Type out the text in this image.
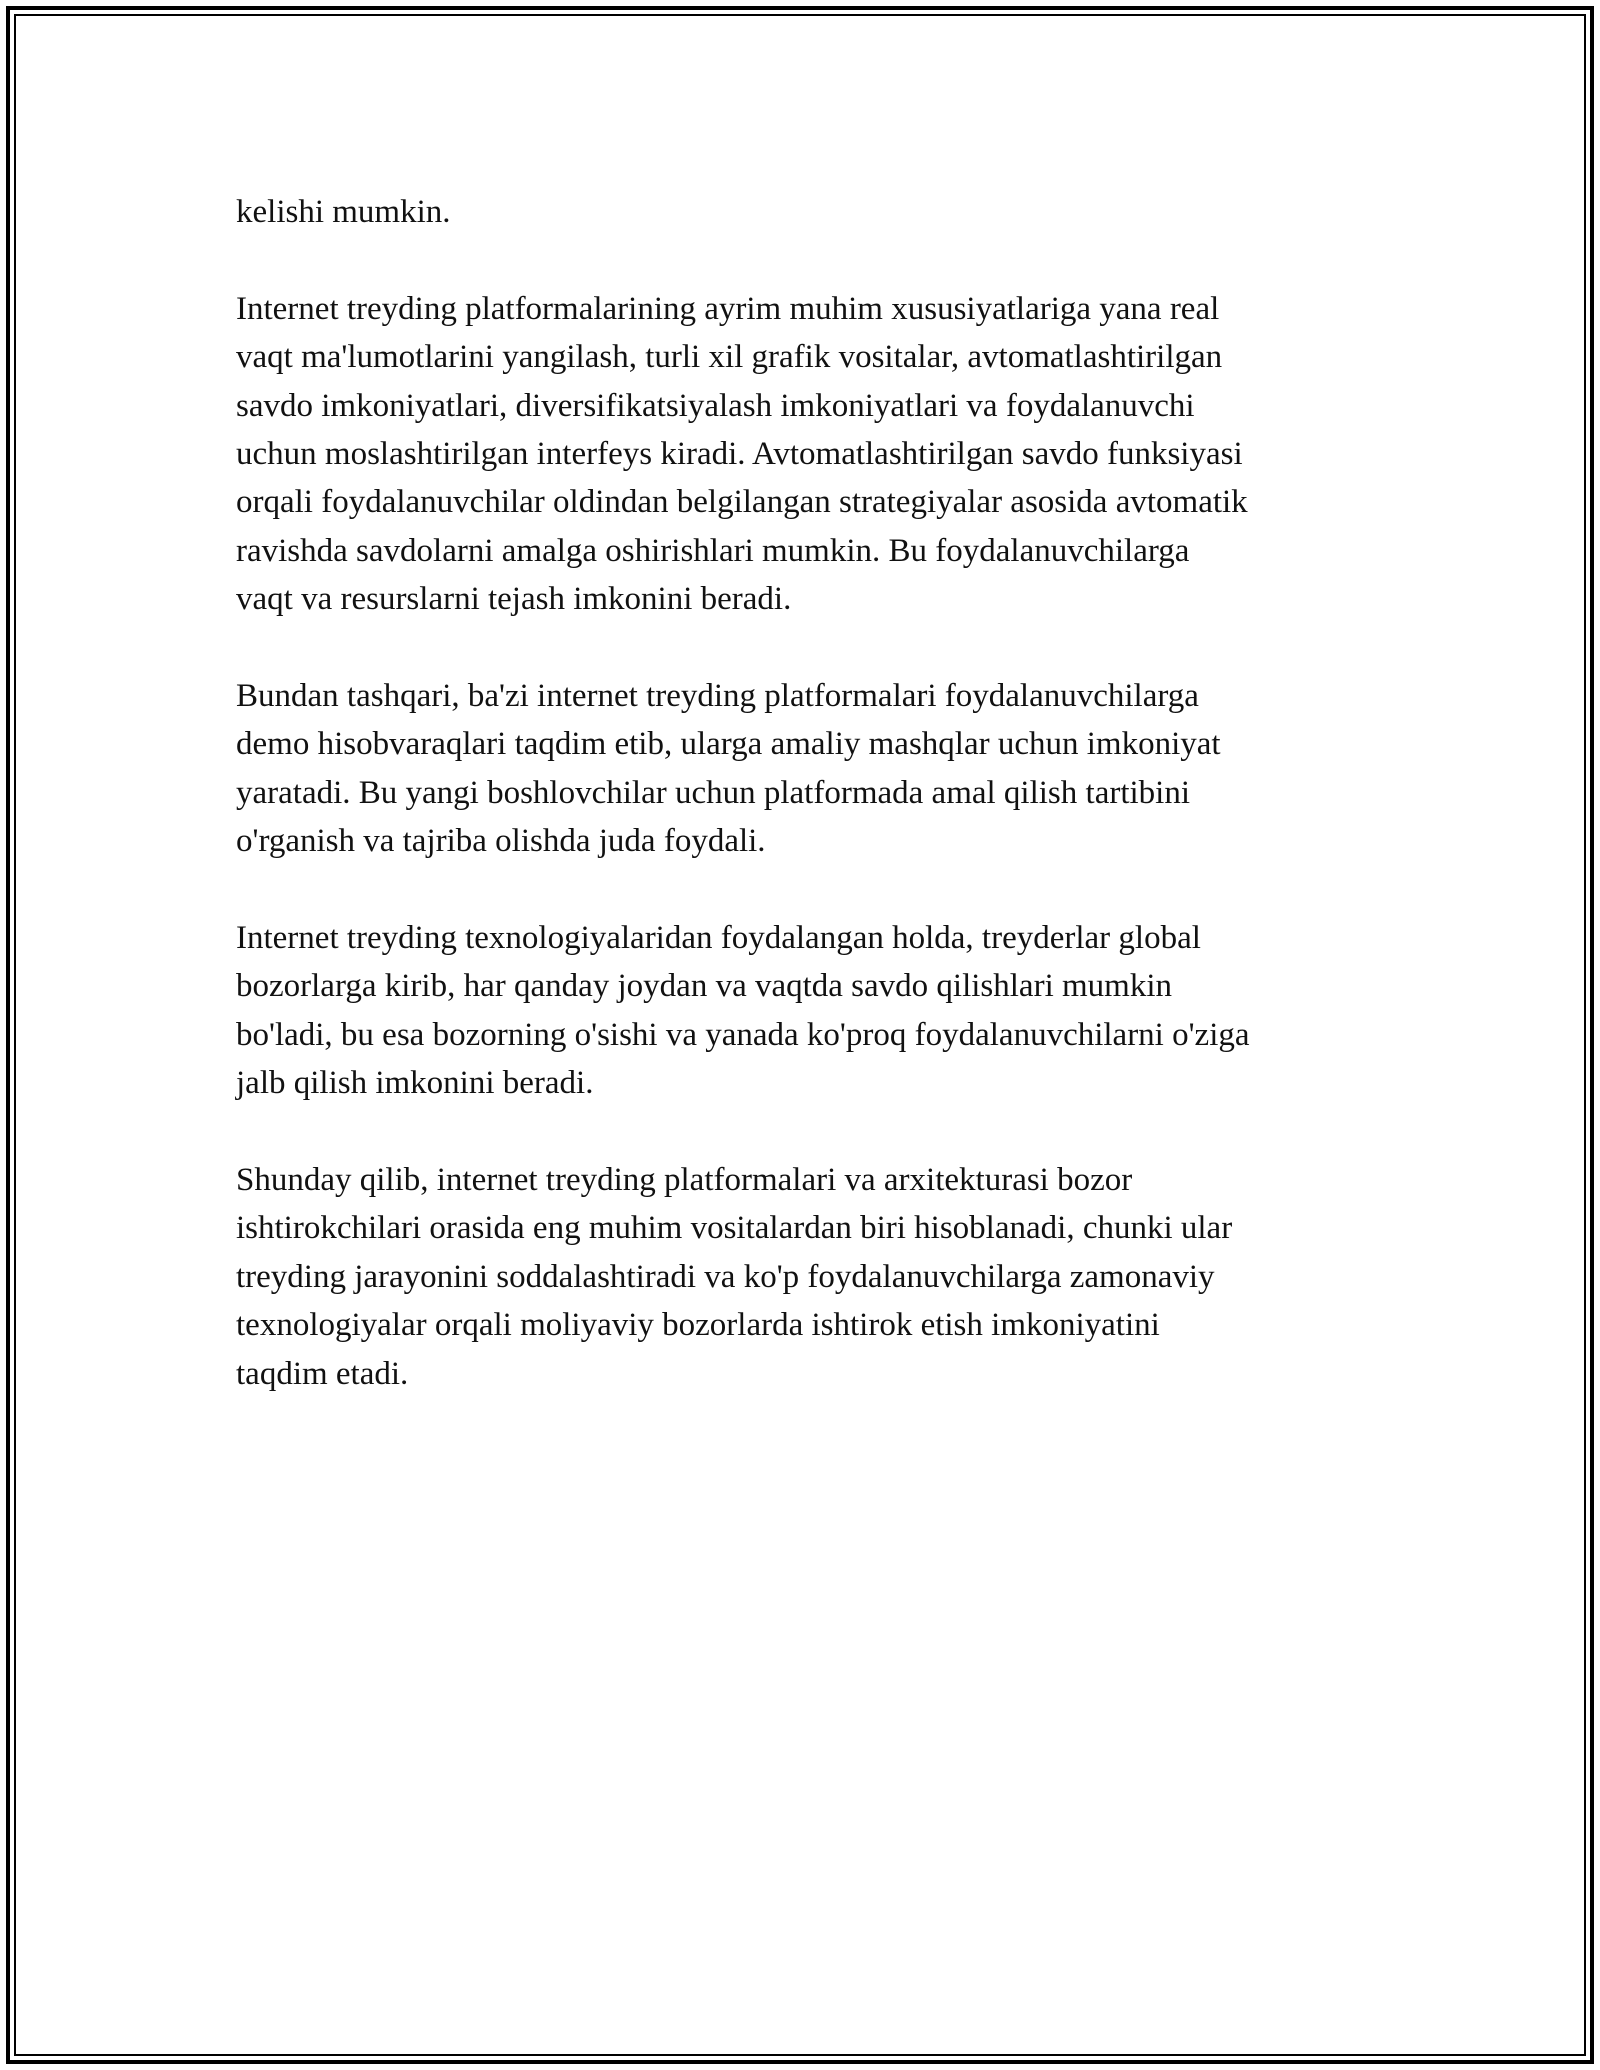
kelishi mumkin.

Internet treyding platformalarining ayrim muhim xususiyatlariga yana real
vaqt ma'lumotlarini yangilash, turli xil grafik vositalar, avtomatlashtirilgan
savdo imkoniyatlari, diversifikatsiyalash imkoniyatlari va foydalanuvchi
uchun moslashtirilgan interfeys kiradi. Avtomatlashtirilgan savdo funksiyasi
orqali foydalanuvchilar oldindan belgilangan strategiyalar asosida avtomatik
ravishda savdolarni amalga oshirishlari mumkin. Bu foydalanuvchilarga
vaqt va resurslarni tejash imkonini beradi.

Bundan tashqari, ba'zi internet treyding platformalari foydalanuvchilarga
demo hisobvaraqlari taqdim etib, ularga amaliy mashqlar uchun imkoniyat
yaratadi. Bu yangi boshlovchilar uchun platformada amal qilish tartibini
o'rganish va tajriba olishda juda foydali.

Internet treyding texnologiyalaridan foydalangan holda, treyderlar global
bozorlarga kirib, har qanday joydan va vaqtda savdo qilishlari mumkin
bo'ladi, bu esa bozorning o'sishi va yanada ko'proq foydalanuvchilarni o'ziga
jalb qilish imkonini beradi.

Shunday qilib, internet treyding platformalari va arxitekturasi bozor
ishtirokchilari orasida eng muhim vositalardan biri hisoblanadi, chunki ular
treyding jarayonini soddalashtiradi va ko'p foydalanuvchilarga zamonaviy
texnologiyalar orqali moliyaviy bozorlarda ishtirok etish imkoniyatini
taqdim etadi.
